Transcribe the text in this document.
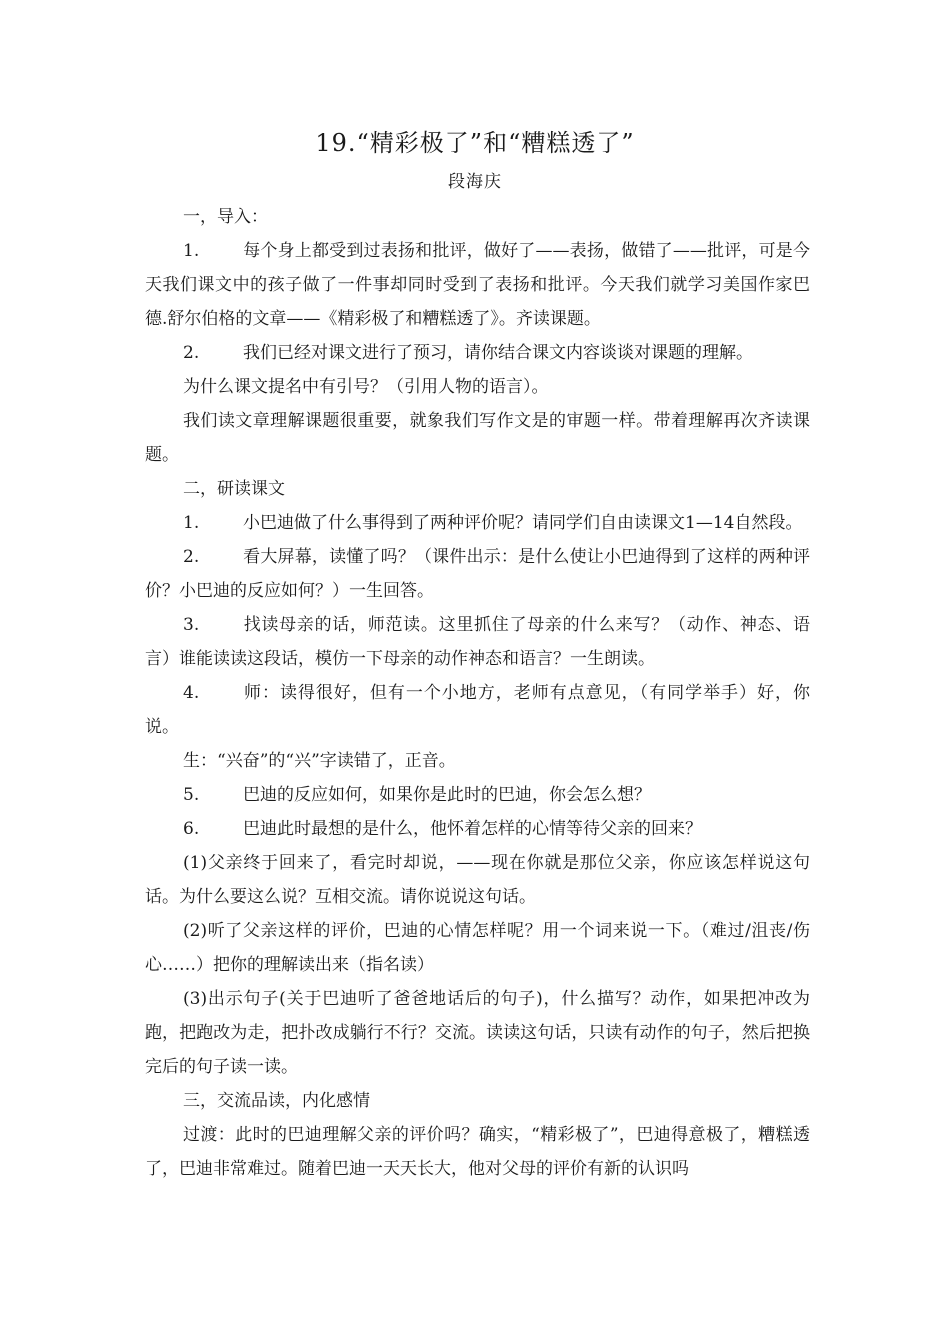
19.“精彩极了”和“糟糕透了”
段海庆

一，导入：

1.	每个身上都受到过表扬和批评，做好了——表扬，做错了——批评，可是今天我们课文中的孩子做了一件事却同时受到了表扬和批评。今天我们就学习美国作家巴德.舒尔伯格的文章——《精彩极了和糟糕透了》。齐读课题。

2.	我们已经对课文进行了预习，请你结合课文内容谈谈对课题的理解。

为什么课文提名中有引号？（引用人物的语言）。

我们读文章理解课题很重要，就象我们写作文是的审题一样。带着理解再次齐读课题。

二，研读课文

1.	小巴迪做了什么事得到了两种评价呢？请同学们自由读课文1—14自然段。

2.	看大屏幕，读懂了吗？（课件出示：是什么使让小巴迪得到了这样的两种评价？小巴迪的反应如何？）一生回答。

3.	找读母亲的话，师范读。这里抓住了母亲的什么来写？（动作、神态、语言）谁能读读这段话，模仿一下母亲的动作神态和语言？一生朗读。

4.	师：读得很好，但有一个小地方，老师有点意见，（有同学举手）好，你说。

生：“兴奋”的“兴”字读错了，正音。

5.	巴迪的反应如何，如果你是此时的巴迪，你会怎么想？

6.	巴迪此时最想的是什么，他怀着怎样的心情等待父亲的回来？

(1)父亲终于回来了，看完时却说，——现在你就是那位父亲，你应该怎样说这句话。为什么要这么说？互相交流。请你说说这句话。

(2)听了父亲这样的评价，巴迪的心情怎样呢？用一个词来说一下。（难过/沮丧/伤心……）把你的理解读出来（指名读）

(3)出示句子(关于巴迪听了爸爸地话后的句子)，什么描写？动作，如果把冲改为跑，把跑改为走，把扑改成躺行不行？交流。读读这句话，只读有动作的句子，然后把换完后的句子读一读。

三，交流品读，内化感情

过渡：此时的巴迪理解父亲的评价吗？确实，“精彩极了”，巴迪得意极了，糟糕透了，巴迪非常难过。随着巴迪一天天长大，他对父母的评价有新的认识吗
